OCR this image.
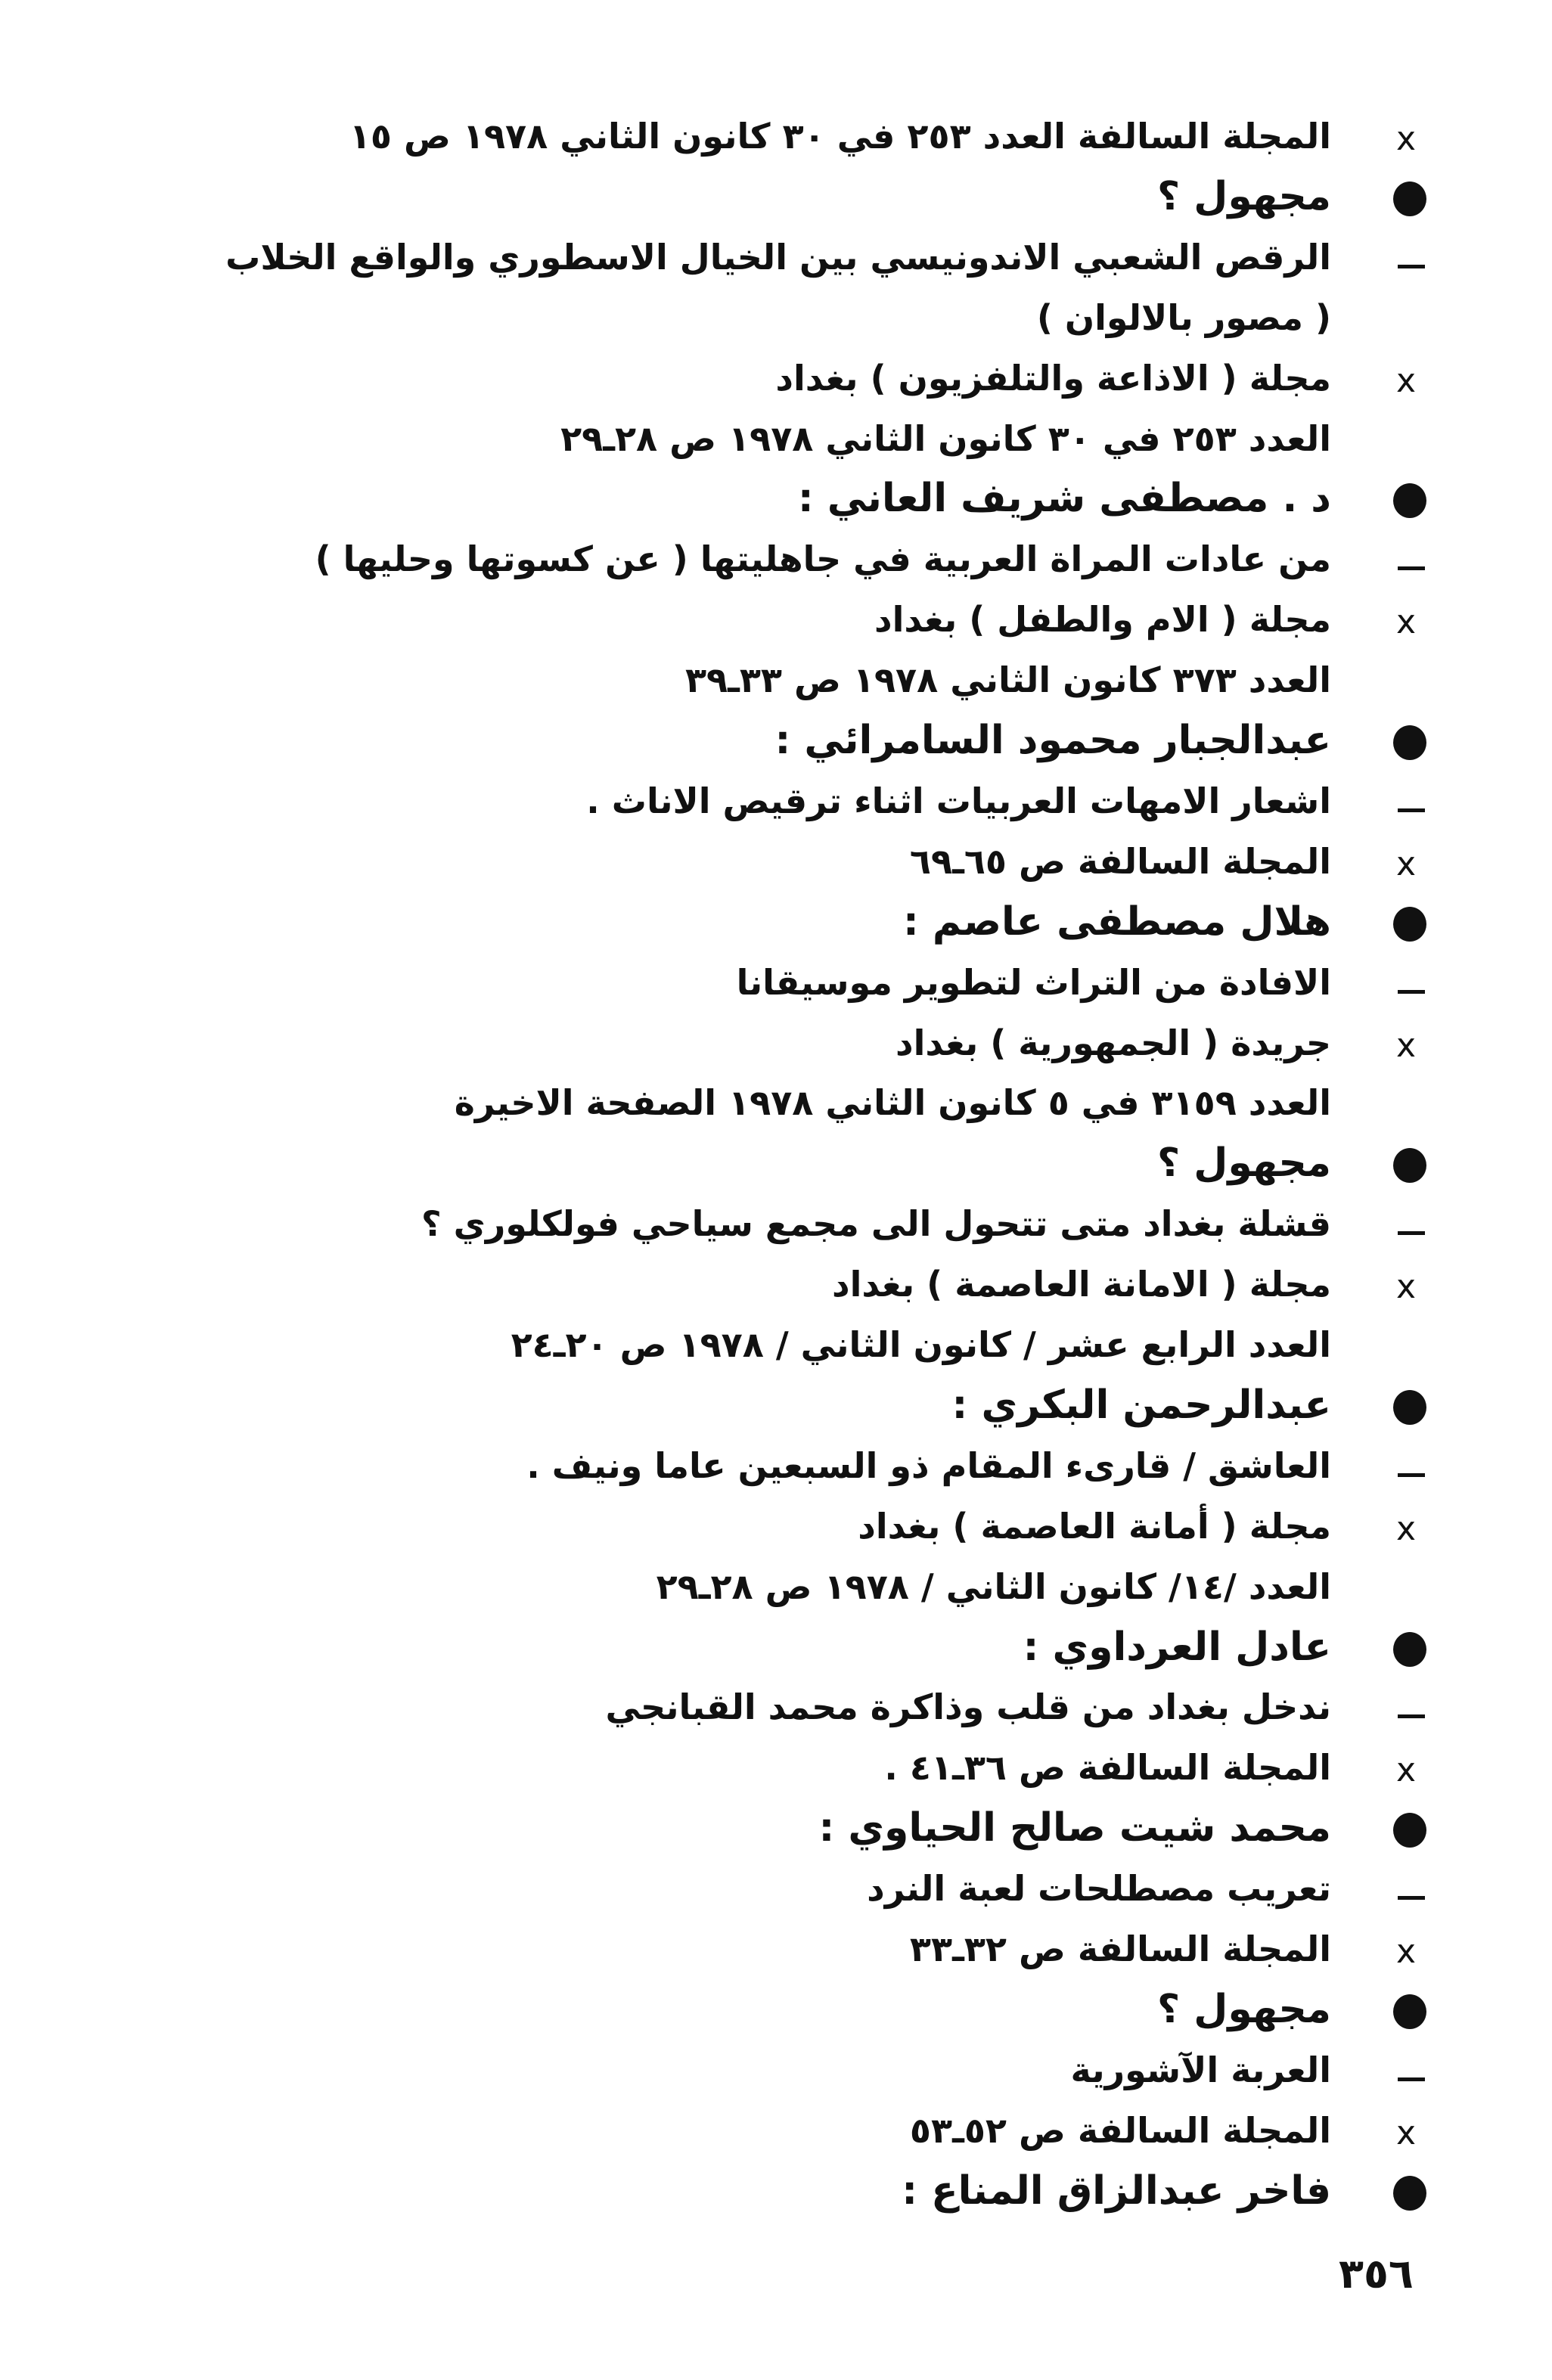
x
المجلة السالفة العدد ٢٥٣ في ٣٠ كانون الثاني ١٩٧٨ ص ١٥
مجهول ؟
الرقص الشعبي الاندونيسي بين الخيال الاسطوري والواقع الخلاب
( مصور بالالوان )
x
مجلة ( الاذاعة والتلفزيون ) بغداد
العدد ٢٥٣ في ٣٠ كانون الثاني ١٩٧٨ ص ٢٨ـ٢٩
د . مصطفى شريف العاني :
من عادات المراة العربية في جاهليتها ( عن كسوتها وحليها )
x
مجلة ( الام والطفل ) بغداد
العدد ٣٧٣ كانون الثاني ١٩٧٨ ص ٣٣ـ٣٩
عبدالجبار محمود السامرائي :
اشعار الامهات العربيات اثناء ترقيص الاناث .
x
المجلة السالفة ص ٦٥ـ٦٩
هلال مصطفى عاصم :
الافادة من التراث لتطوير موسيقانا
x
جريدة ( الجمهورية ) بغداد
العدد ٣١٥٩ في ٥ كانون الثاني ١٩٧٨ الصفحة الاخيرة
مجهول ؟
قشلة بغداد متى تتحول الى مجمع سياحي فولكلوري ؟
x
مجلة ( الامانة العاصمة ) بغداد
العدد الرابع عشر / كانون الثاني / ١٩٧٨ ص ٢٠ـ٢٤
عبدالرحمن البكري :
العاشق / قارىء المقام ذو السبعين عاما ونيف .
x
مجلة ( أمانة العاصمة ) بغداد
العدد /١٤/ كانون الثاني / ١٩٧٨ ص ٢٨ـ٢٩
عادل العرداوي :
ندخل بغداد من قلب وذاكرة محمد القبانجي
x
المجلة السالفة ص ٣٦ـ٤١ .
محمد شيت صالح الحياوي :
تعريب مصطلحات لعبة النرد
x
المجلة السالفة ص ٣٢ـ٣٣
مجهول ؟
العربة الآشورية
x
المجلة السالفة ص ٥٢ـ٥٣
فاخر عبدالزاق المناع :
٣٥٦
